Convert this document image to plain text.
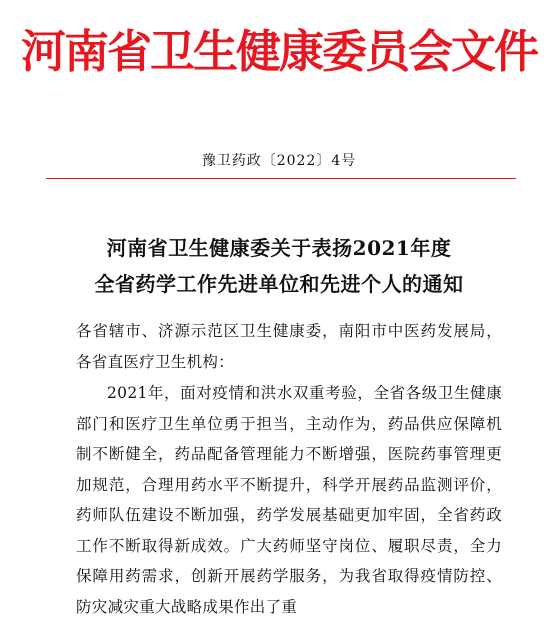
河南省卫生健康委员会文件
豫卫药政〔2022〕4号
河南省卫生健康委关于表扬2021年度
全省药学工作先进单位和先进个人的通知

各省辖市、济源示范区卫生健康委，南阳市中医药发展局，各省直医疗卫生机构：

2021年，面对疫情和洪水双重考验，全省各级卫生健康部门和医疗卫生单位勇于担当，主动作为，药品供应保障机制不断健全，药品配备管理能力不断增强，医院药事管理更加规范，合理用药水平不断提升，科学开展药品监测评价，药师队伍建设不断加强，药学发展基础更加牢固，全省药政工作不断取得新成效。广大药师坚守岗位、履职尽责，全力保障用药需求，创新开展药学服务，为我省取得疫情防控、防灾减灾重大战略成果作出了重
